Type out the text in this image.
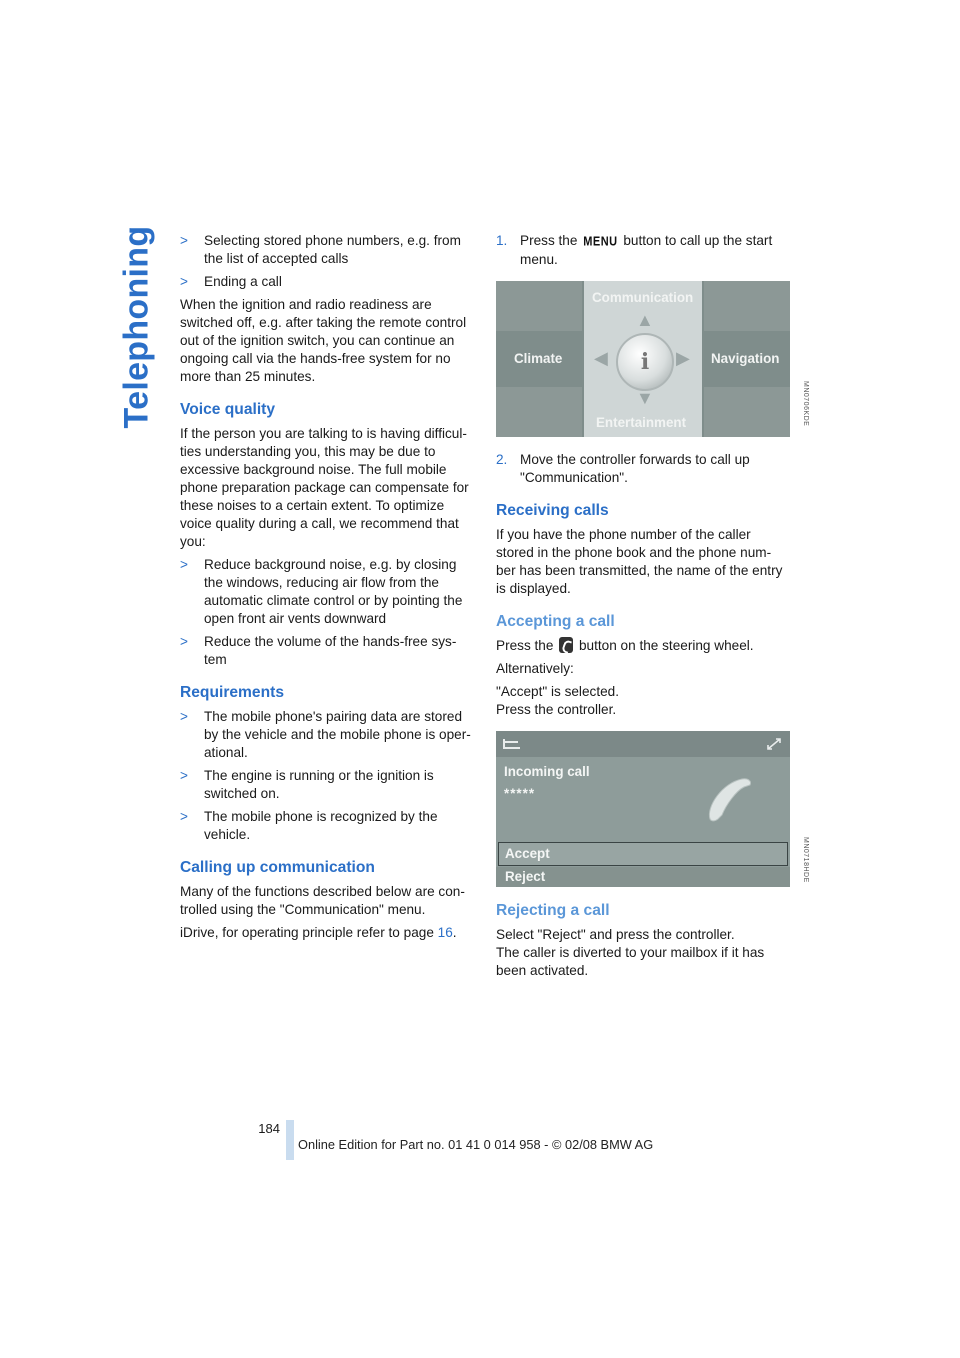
Telephoning > Selecting stored phone numbers, e.g. from the list of accepted calls
> Ending a call

When the ignition and radio readiness are switched off, e.g. after taking the remote control out of the ignition switch, you can continue an ongoing call via the hands-free system for no more than 25 minutes.

Voice quality

If the person you are talking to is having difficul- ties understanding you, this may be due to excessive background noise. The full mobile phone preparation package can compensate for these noises to a certain extent. To optimize voice quality during a call, we recommend that you:

> Reduce background noise, e.g. by closing the windows, reducing air flow from the automatic climate control or by pointing the open front air vents downward
> Reduce the volume of the hands-free sys- tem
Requirements
> The mobile phone's pairing data are stored by the vehicle and the mobile phone is oper- ational.
> The engine is running or the ignition is switched on.
> The mobile phone is recognized by the vehicle.
Calling up communication

Many of the functions described below are con- trolled using the "Communication" menu.

iDrive, for operating principle refer to page 16.

1. Press the MENU button to call up the start menu.
i
▲
▼
◀	▶
Communication
Climate	Navigation
Entertainment	MN0706KDE
2. Move the controller forwards to call up "Communication".
Receiving calls

If you have the phone number of the caller stored in the phone book and the phone num- ber has been transmitted, the name of the entry is displayed.

Accepting a call

Press the  button on the steering wheel.

Alternatively:

"Accept" is selected.

Press the controller.

Incoming call
*****
Accept
Reject	MN0718HDE
Rejecting a call

Select "Reject" and press the controller.

The caller is diverted to your mailbox if it has been activated.

184
Online Edition for Part no. 01 41 0 014 958 - © 02/08 BMW AG
